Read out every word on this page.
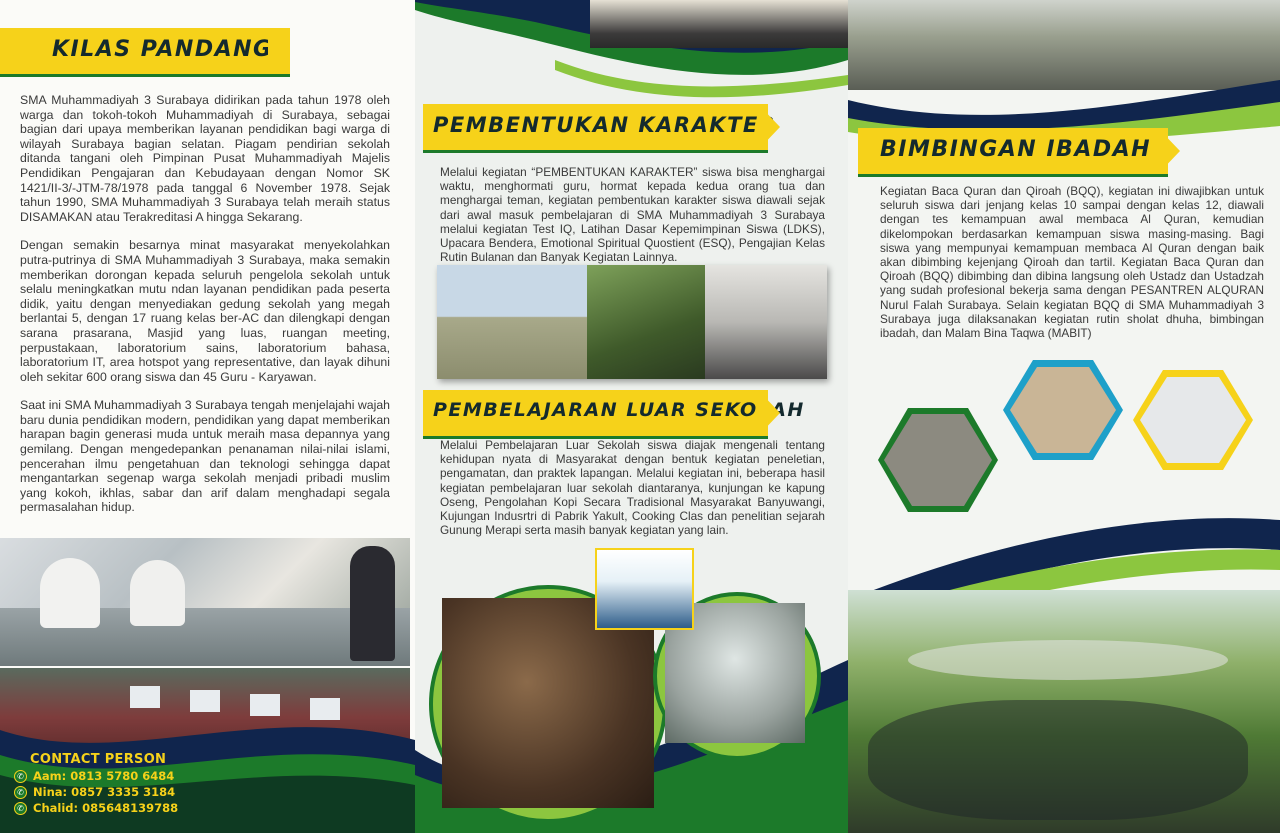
KILAS PANDANG

SMA Muhammadiyah 3 Surabaya didirikan pada tahun 1978 oleh warga dan tokoh-tokoh Muhammadiyah di Surabaya, sebagai bagian dari upaya memberikan layanan pendidikan bagi warga di wilayah Surabaya bagian selatan. Piagam pendirian sekolah ditanda tangani oleh Pimpinan Pusat Muhammadiyah Majelis Pendidikan Pengajaran dan Kebudayaan dengan Nomor SK 1421/II-3/-JTM-78/1978 pada tanggal 6 November 1978. Sejak tahun 1990, SMA Muhammadiyah 3 Surabaya telah meraih status DISAMAKAN atau Terakreditasi A hingga Sekarang.

Dengan semakin besarnya minat masyarakat menyekolahkan putra-putrinya di SMA Muhammadiyah 3 Surabaya, maka semakin memberikan dorongan kepada seluruh pengelola sekolah untuk selalu meningkatkan mutu ndan layanan pendidikan pada peserta didik, yaitu dengan menyediakan gedung sekolah yang megah berlantai 5, dengan 17 ruang kelas ber-AC dan dilengkapi dengan sarana prasarana, Masjid yang luas, ruangan meeting, perpustakaan, laboratorium sains, laboratorium bahasa, laboratorium IT, area hotspot yang representative, dan layak dihuni oleh sekitar 600 orang siswa dan 45 Guru - Karyawan.

Saat ini SMA Muhammadiyah 3 Surabaya tengah menjelajahi wajah baru dunia pendidikan modern, pendidikan yang dapat memberikan harapan bagin generasi muda untuk meraih masa depannya yang gemilang. Dengan mengedepankan penanaman nilai-nilai islami, pencerahan ilmu pengetahuan dan teknologi sehingga dapat mengantarkan segenap warga sekolah menjadi pribadi muslim yang kokoh, ikhlas, sabar dan arif dalam menghadapi segala permasalahan hidup.

CONTACT PERSON
✆ Aam: 0813 5780 6484
✆ Nina: 0857 3335 3184
✆ Chalid: 085648139788
PEMBENTUKAN KARAKTER
Melalui kegiatan “PEMBENTUKAN KARAKTER” siswa bisa menghargai waktu, menghormati guru, hormat kepada kedua orang tua dan menghargai teman, kegiatan pembentukan karakter siswa diawali sejak dari awal masuk pembelajaran di SMA Muhammadiyah 3 Surabaya melalui kegiatan Test IQ, Latihan Dasar Kepemimpinan Siswa (LDKS), Upacara Bendera, Emotional Spiritual Quostient (ESQ), Pengajian Kelas Rutin Bulanan dan Banyak Kegiatan Lainnya.
PEMBELAJARAN LUAR SEKOLAH
Melalui Pembelajaran Luar Sekolah siswa diajak mengenali tentang kehidupan nyata di Masyarakat dengan bentuk kegiatan peneletian, pengamatan, dan praktek lapangan. Melalui kegiatan ini, beberapa hasil kegiatan pembelajaran luar sekolah diantaranya, kunjungan ke kapung Oseng, Pengolahan Kopi Secara Tradisional Masyarakat Banyuwangi, Kujungan Indusrtri di Pabrik Yakult, Cooking Clas dan penelitian sejarah Gunung Merapi serta masih banyak kegiatan yang lain.
BIMBINGAN IBADAH
Kegiatan Baca Quran dan Qiroah (BQQ), kegiatan ini diwajibkan untuk seluruh siswa dari jenjang kelas 10 sampai dengan kelas 12, diawali dengan tes kemampuan awal membaca Al Quran, kemudian dikelompokan berdasarkan kemampuan siswa masing-masing. Bagi siswa yang mempunyai kemampuan membaca Al Quran dengan baik akan dibimbing kejenjang Qiroah dan tartil. Kegiatan Baca Quran dan Qiroah (BQQ) dibimbing dan dibina langsung oleh Ustadz dan Ustadzah yang sudah profesional bekerja sama dengan PESANTREN ALQURAN Nurul Falah Surabaya. Selain kegiatan BQQ di SMA Muhammadiyah 3 Surabaya juga dilaksanakan kegiatan rutin sholat dhuha, bimbingan ibadah, dan Malam Bina Taqwa (MABIT)
